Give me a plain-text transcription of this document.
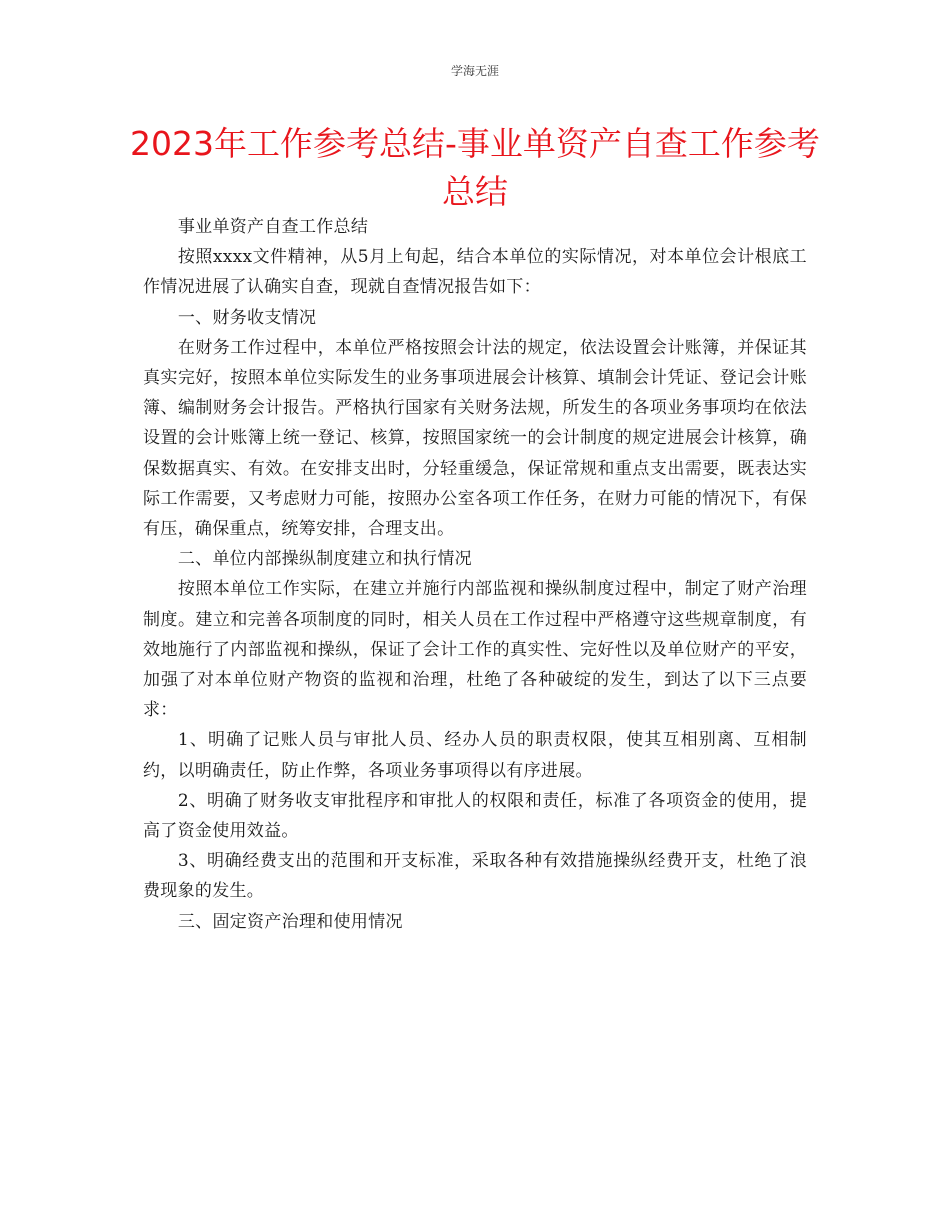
学海无涯
2023年工作参考总结-事业单资产自查工作参考总结

事业单资产自查工作总结

按照xxxx文件精神，从5月上旬起，结合本单位的实际情况，对本单位会计根底工作情况进展了认确实自查，现就自查情况报告如下：

一、财务收支情况

在财务工作过程中，本单位严格按照会计法的规定，依法设置会计账簿，并保证其真实完好，按照本单位实际发生的业务事项进展会计核算、填制会计凭证、登记会计账簿、编制财务会计报告。严格执行国家有关财务法规，所发生的各项业务事项均在依法设置的会计账簿上统一登记、核算，按照国家统一的会计制度的规定进展会计核算，确保数据真实、有效。在安排支出时，分轻重缓急，保证常规和重点支出需要，既表达实际工作需要，又考虑财力可能，按照办公室各项工作任务，在财力可能的情况下，有保有压，确保重点，统筹安排，合理支出。

二、单位内部操纵制度建立和执行情况

按照本单位工作实际，在建立并施行内部监视和操纵制度过程中，制定了财产治理制度。建立和完善各项制度的同时，相关人员在工作过程中严格遵守这些规章制度，有效地施行了内部监视和操纵，保证了会计工作的真实性、完好性以及单位财产的平安，加强了对本单位财产物资的监视和治理，杜绝了各种破绽的发生，到达了以下三点要求：

1、明确了记账人员与审批人员、经办人员的职责权限，使其互相别离、互相制约，以明确责任，防止作弊，各项业务事项得以有序进展。

2、明确了财务收支审批程序和审批人的权限和责任，标准了各项资金的使用，提高了资金使用效益。

3、明确经费支出的范围和开支标准，采取各种有效措施操纵经费开支，杜绝了浪费现象的发生。

三、固定资产治理和使用情况
